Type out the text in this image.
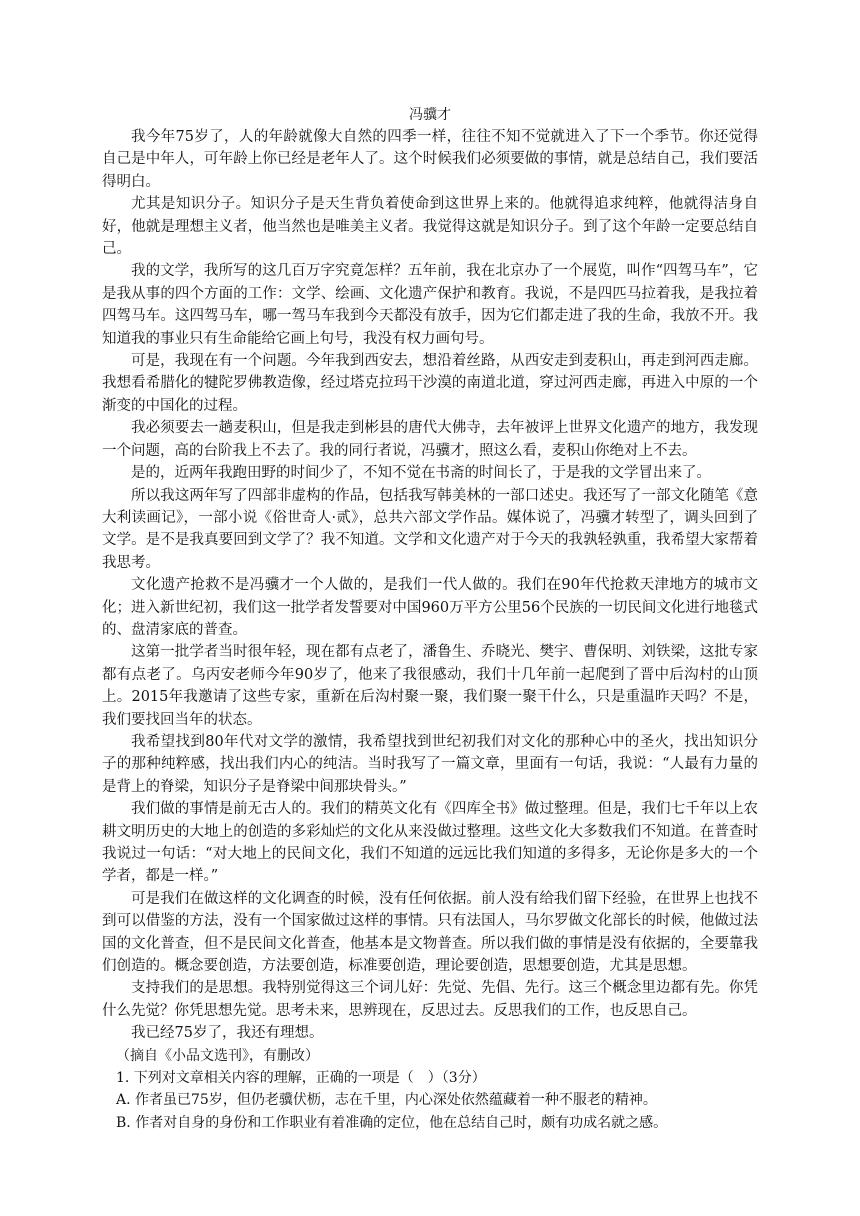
冯骥才

我今年75岁了，人的年龄就像大自然的四季一样，往往不知不觉就进入了下一个季节。你还觉得自己是中年人，可年龄上你已经是老年人了。这个时候我们必须要做的事情，就是总结自己，我们要活得明白。

尤其是知识分子。知识分子是天生背负着使命到这世界上来的。他就得追求纯粹，他就得洁身自好，他就是理想主义者，他当然也是唯美主义者。我觉得这就是知识分子。到了这个年龄一定要总结自己。

我的文学，我所写的这几百万字究竟怎样？五年前，我在北京办了一个展览，叫作“四驾马车”，它是我从事的四个方面的工作：文学、绘画、文化遗产保护和教育。我说，不是四匹马拉着我，是我拉着四驾马车。这四驾马车，哪一驾马车我到今天都没有放手，因为它们都走进了我的生命，我放不开。我知道我的事业只有生命能给它画上句号，我没有权力画句号。

可是，我现在有一个问题。今年我到西安去，想沿着丝路，从西安走到麦积山，再走到河西走廊。我想看希腊化的犍陀罗佛教造像，经过塔克拉玛干沙漠的南道北道，穿过河西走廊，再进入中原的一个渐变的中国化的过程。

我必须要去一趟麦积山，但是我走到彬县的唐代大佛寺，去年被评上世界文化遗产的地方，我发现一个问题，高的台阶我上不去了。我的同行者说，冯骥才，照这么看，麦积山你绝对上不去。

是的，近两年我跑田野的时间少了，不知不觉在书斋的时间长了，于是我的文学冒出来了。

所以我这两年写了四部非虚构的作品，包括我写韩美林的一部口述史。我还写了一部文化随笔《意大利读画记》，一部小说《俗世奇人·贰》，总共六部文学作品。媒体说了，冯骥才转型了，调头回到了文学。是不是我真要回到文学了？我不知道。文学和文化遗产对于今天的我孰轻孰重，我希望大家帮着我思考。

文化遗产抢救不是冯骥才一个人做的，是我们一代人做的。我们在90年代抢救天津地方的城市文化；进入新世纪初，我们这一批学者发誓要对中国960万平方公里56个民族的一切民间文化进行地毯式的、盘清家底的普查。

这第一批学者当时很年轻，现在都有点老了，潘鲁生、乔晓光、樊宇、曹保明、刘铁梁，这批专家都有点老了。乌丙安老师今年90岁了，他来了我很感动，我们十几年前一起爬到了晋中后沟村的山顶上。2015年我邀请了这些专家，重新在后沟村聚一聚，我们聚一聚干什么，只是重温昨天吗？不是，我们要找回当年的状态。

我希望找到80年代对文学的激情，我希望找到世纪初我们对文化的那种心中的圣火，找出知识分子的那种纯粹感，找出我们内心的纯洁。当时我写了一篇文章，里面有一句话，我说：“人最有力量的是背上的脊梁，知识分子是脊梁中间那块骨头。”

我们做的事情是前无古人的。我们的精英文化有《四库全书》做过整理。但是，我们七千年以上农耕文明历史的大地上的创造的多彩灿烂的文化从来没做过整理。这些文化大多数我们不知道。在普查时我说过一句话：“对大地上的民间文化，我们不知道的远远比我们知道的多得多，无论你是多大的一个学者，都是一样。”

可是我们在做这样的文化调查的时候，没有任何依据。前人没有给我们留下经验，在世界上也找不到可以借鉴的方法，没有一个国家做过这样的事情。只有法国人，马尔罗做文化部长的时候，他做过法国的文化普查，但不是民间文化普查，他基本是文物普查。所以我们做的事情是没有依据的，全要靠我们创造的。概念要创造，方法要创造，标准要创造，理论要创造，思想要创造，尤其是思想。

支持我们的是思想。我特别觉得这三个词儿好：先觉、先倡、先行。这三个概念里边都有先。你凭什么先觉？你凭思想先觉。思考未来，思辨现在，反思过去。反思我们的工作，也反思自己。

我已经75岁了，我还有理想。

（摘自《小品文选刊》，有删改）

1. 下列对文章相关内容的理解，正确的一项是（　）（3分）

A. 作者虽已75岁，但仍老骥伏枥，志在千里，内心深处依然蕴藏着一种不服老的精神。

B. 作者对自身的身份和工作职业有着准确的定位，他在总结自己时，颇有功成名就之感。
